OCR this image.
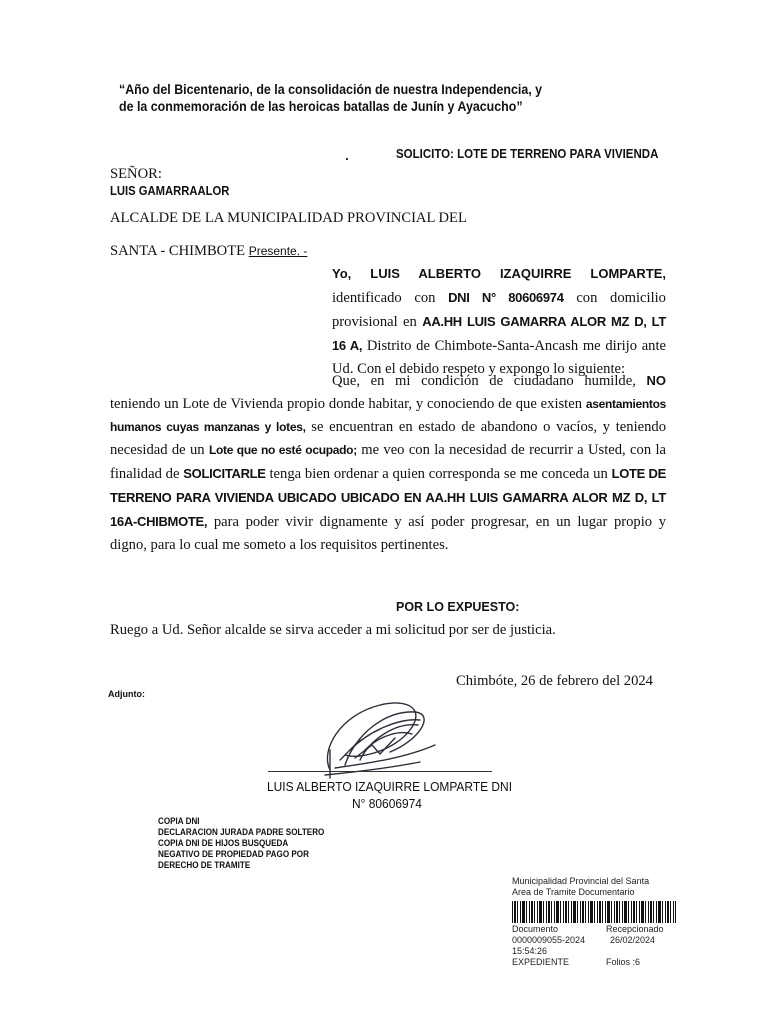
“Año del Bicentenario, de la consolidación de nuestra Independencia, y
de la conmemoración de las heroicas batallas de Junín y Ayacucho”
SOLICITO: LOTE DE TERRENO PARA VIVIENDA
SEÑOR:
LUIS GAMARRAALOR
ALCALDE DE LA MUNICIPALIDAD PROVINCIAL DEL
SANTA - CHIMBOTE Presente. -
Yo, LUIS ALBERTO IZAQUIRRE LOMPARTE, identificado con DNI N° 80606974 con domicilio provisional en AA.HH LUIS GAMARRA ALOR MZ D, LT 16 A, Distrito de Chimbote-Santa-Ancash me dirijo ante Ud. Con el debido respeto y expongo lo siguiente:
Que, en mi condición de ciudadano humilde, NO teniendo un Lote de Vivienda propio donde habitar, y conociendo de que existen asentamientos humanos cuyas manzanas y lotes, se encuentran en estado de abandono o vacíos, y teniendo necesidad de un Lote que no esté ocupado; me veo con la necesidad de recurrir a Usted, con la finalidad de SOLICITARLE tenga bien ordenar a quien corresponda se me conceda un LOTE DE TERRENO PARA VIVIENDA UBICADO UBICADO EN AA.HH LUIS GAMARRA ALOR MZ D, LT 16A-CHIBMOTE, para poder vivir dignamente y así poder progresar, en un lugar propio y digno, para lo cual me someto a los requisitos pertinentes.
POR LO EXPUESTO:
Ruego a Ud. Señor alcalde se sirva acceder a mi solicitud por ser de justicia.
Chimbóte, 26 de febrero del 2024
Adjunto:
LUIS ALBERTO IZAQUIRRE LOMPARTE DNI
N° 80606974
COPIA DNI
DECLARACION JURADA PADRE SOLTERO
COPIA DNI DE HIJOS BUSQUEDA
NEGATIVO DE PROPIEDAD PAGO POR
DERECHO DE TRAMITE
Municipalidad Provincial del Santa
Area de Tramite Documentario
Documento	Recepcionado
0000009055-2024	26/02/2024
15:54:26
EXPEDIENTE	Folios :6
